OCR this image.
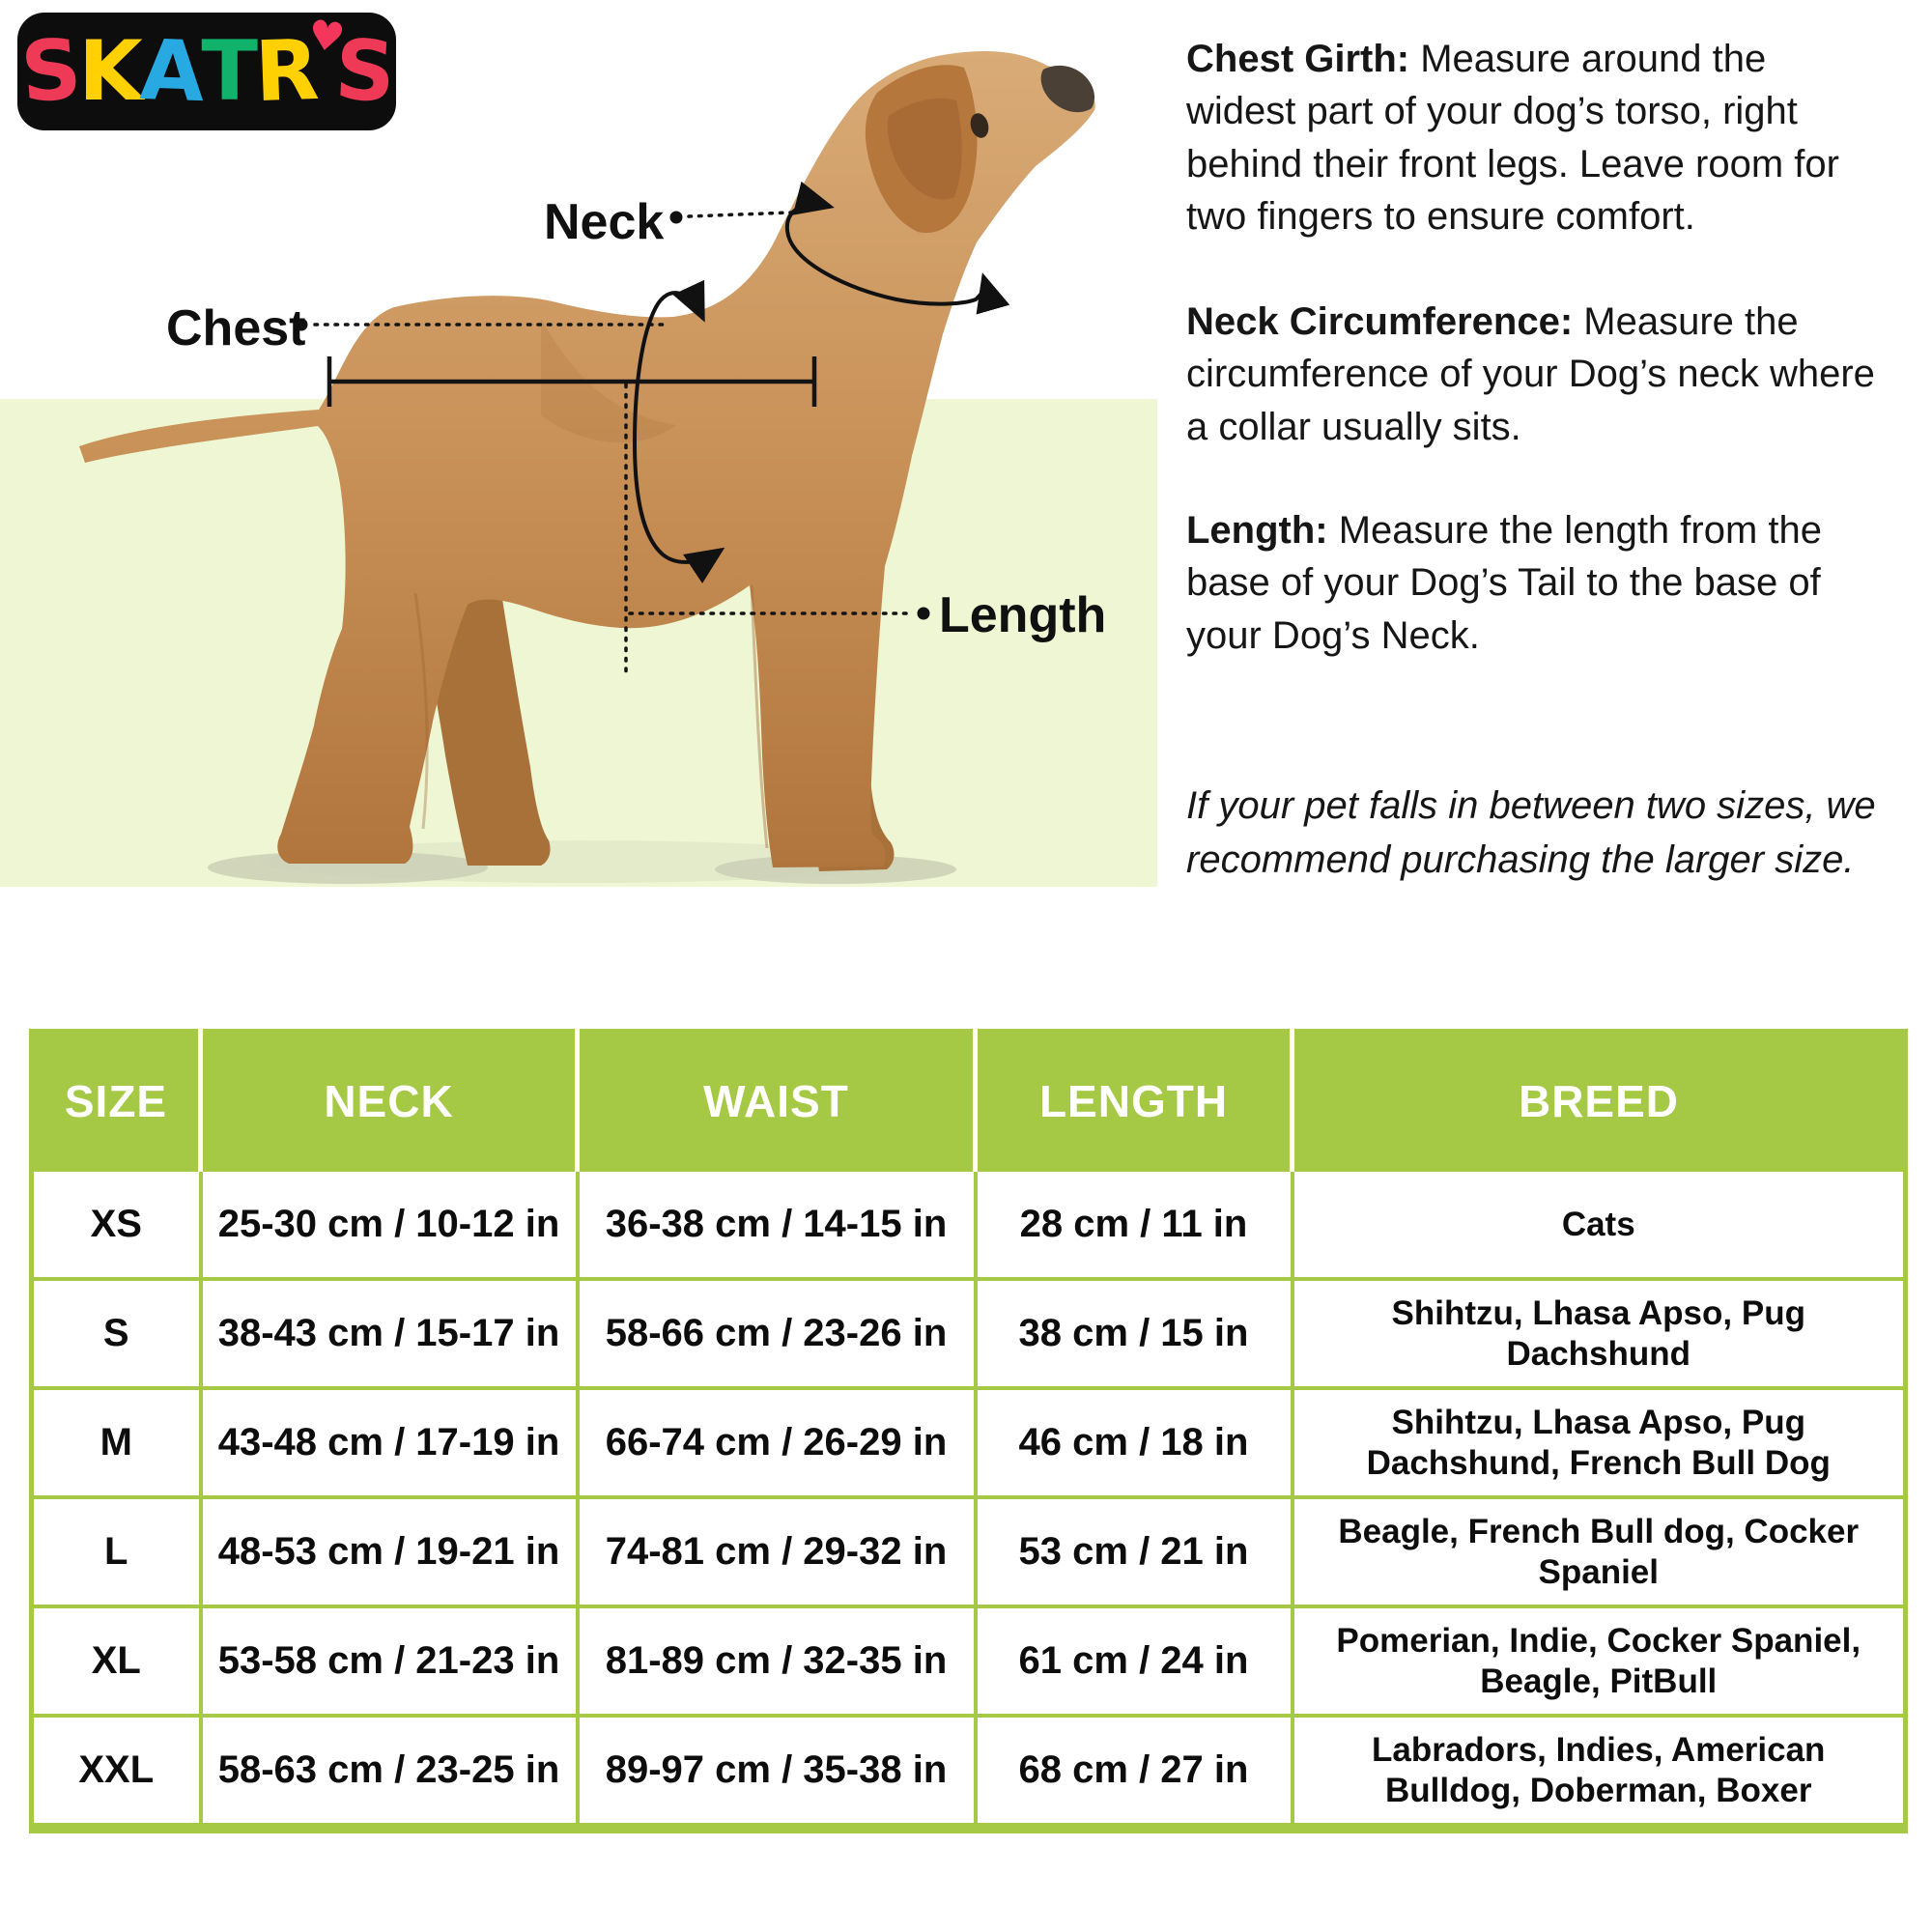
S
K
A
T
R
♥
S
Neck
Chest
Length
Chest Girth: Measure around the widest part of your dog’s torso, right behind their front legs. Leave room for two fingers to ensure comfort.
Neck Circumference: Measure the circumference of your Dog’s neck where a collar usually sits.
Length: Measure the length from the base of your Dog’s Tail to the base of your Dog’s Neck.
If your pet falls in between two sizes, we recommend purchasing the larger size.
SIZE	NECK	WAIST	LENGTH	BREED
XS	25-30 cm / 10-12 in	36-38 cm / 14-15 in	28 cm / 11 in	Cats
S	38-43 cm / 15-17 in	58-66 cm / 23-26 in	38 cm / 15 in	Shihtzu, Lhasa Apso, Pug Dachshund
M	43-48 cm / 17-19 in	66-74 cm / 26-29 in	46 cm / 18 in	Shihtzu, Lhasa Apso, Pug Dachshund, French Bull Dog
L	48-53 cm / 19-21 in	74-81 cm / 29-32 in	53 cm / 21 in	Beagle, French Bull dog, Cocker Spaniel
XL	53-58 cm / 21-23 in	81-89 cm / 32-35 in	61 cm / 24 in	Pomerian, Indie, Cocker Spaniel, Beagle, PitBull
XXL	58-63 cm / 23-25 in	89-97 cm / 35-38 in	68 cm / 27 in	Labradors, Indies, American Bulldog, Doberman, Boxer
